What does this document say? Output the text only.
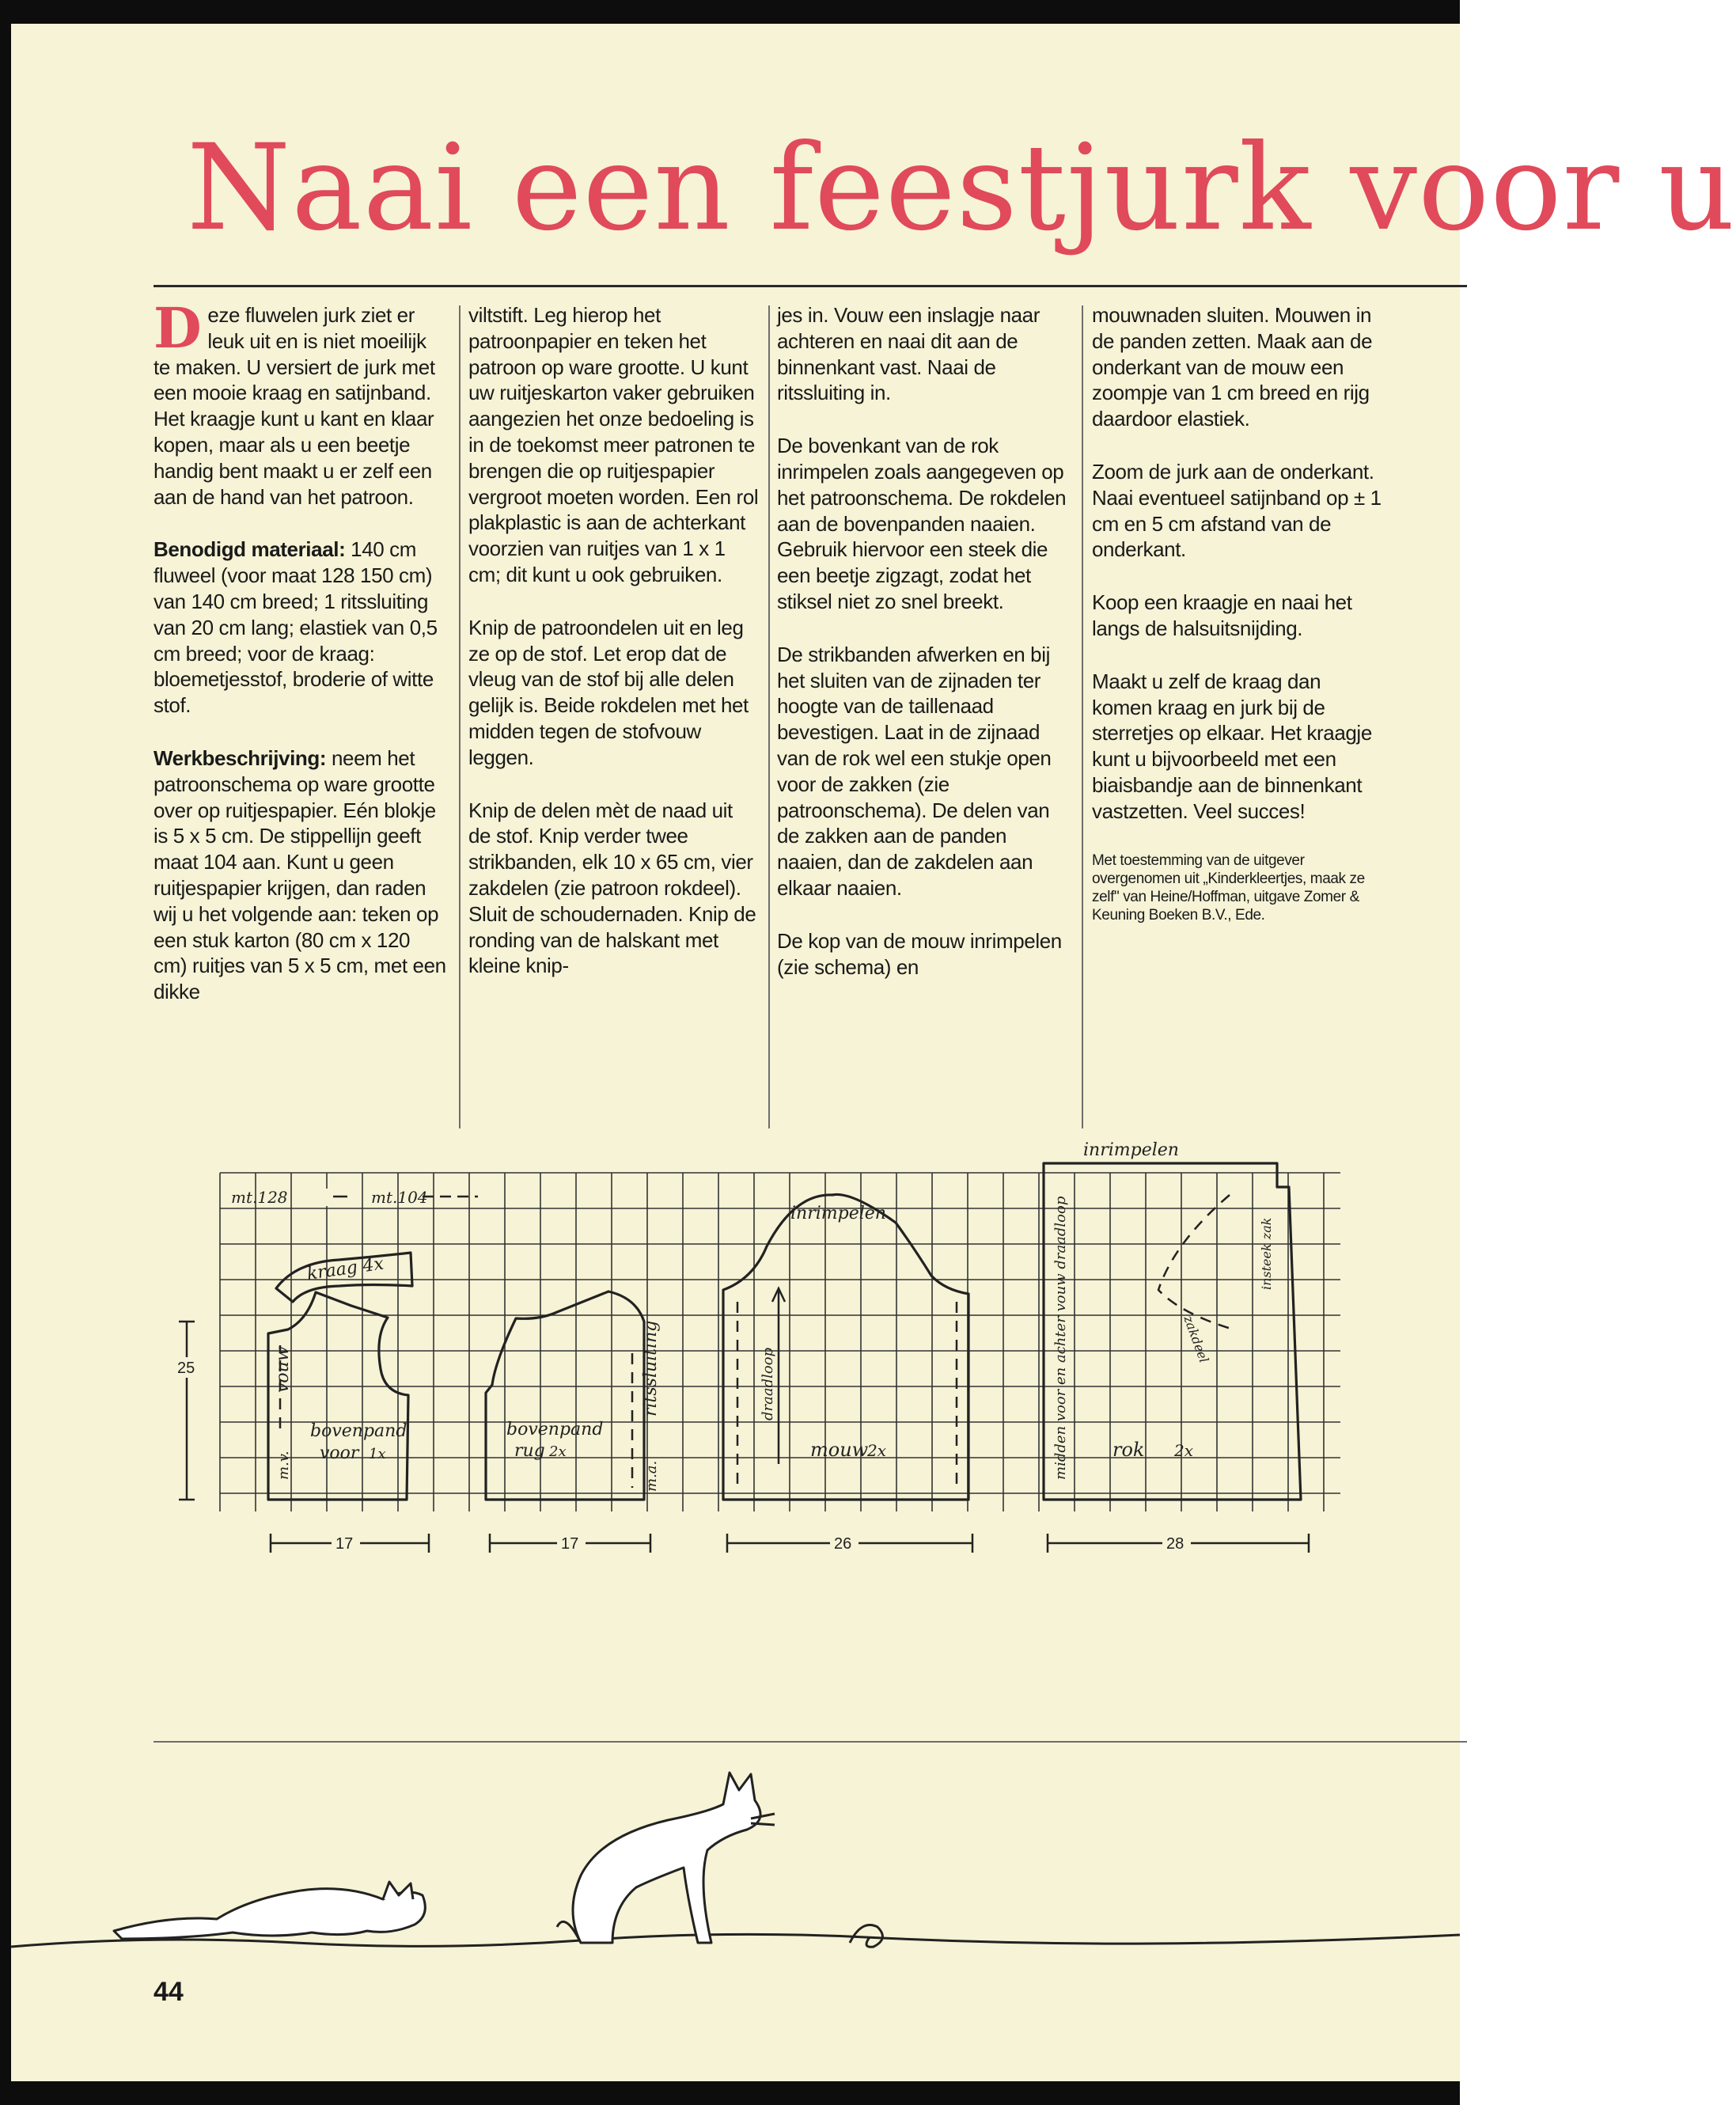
Naai een feestjurk voor u

Deze fluwelen jurk ziet er leuk uit en is niet moeilijk te maken. U versiert de jurk met een mooie kraag en satijnband. Het kraagje kunt u kant en klaar kopen, maar als u een beetje handig bent maakt u er zelf een aan de hand van het patroon.

Benodigd materiaal: 140 cm fluweel (voor maat 128 150 cm) van 140 cm breed; 1 ritssluiting van 20 cm lang; elastiek van 0,5 cm breed; voor de kraag: bloemetjesstof, broderie of witte stof.

Werkbeschrijving: neem het patroonschema op ware grootte over op ruitjespapier. Eén blokje is 5 x 5 cm. De stippellijn geeft maat 104 aan. Kunt u geen ruitjespapier krijgen, dan raden wij u het volgende aan: teken op een stuk karton (80 cm x 120 cm) ruitjes van 5 x 5 cm, met een dikke

viltstift. Leg hierop het patroonpapier en teken het patroon op ware grootte. U kunt uw ruitjeskarton vaker gebruiken aangezien het onze bedoeling is in de toekomst meer patronen te brengen die op ruitjespapier vergroot moeten worden. Een rol plakplastic is aan de achterkant voorzien van ruitjes van 1 x 1 cm; dit kunt u ook gebruiken.

Knip de patroondelen uit en leg ze op de stof. Let erop dat de vleug van de stof bij alle delen gelijk is. Beide rokdelen met het midden tegen de stofvouw leggen.

Knip de delen mèt de naad uit de stof. Knip verder twee strikbanden, elk 10 x 65 cm, vier zakdelen (zie patroon rokdeel). Sluit de schoudernaden. Knip de ronding van de halskant met kleine knip-

jes in. Vouw een inslagje naar achteren en naai dit aan de binnenkant vast. Naai de ritssluiting in.

De bovenkant van de rok inrimpelen zoals aangegeven op het patroonschema. De rokdelen aan de bovenpanden naaien. Gebruik hiervoor een steek die een beetje zigzagt, zodat het stiksel niet zo snel breekt.

De strikbanden afwerken en bij het sluiten van de zijnaden ter hoogte van de taillenaad bevestigen. Laat in de zijnaad van de rok wel een stukje open voor de zakken (zie patroonschema). De delen van de zakken aan de panden naaien, dan de zakdelen aan elkaar naaien.

De kop van de mouw inrimpelen (zie schema) en

mouwnaden sluiten. Mouwen in de panden zetten. Maak aan de onderkant van de mouw een zoompje van 1 cm breed en rijg daardoor elastiek.

Zoom de jurk aan de onderkant. Naai eventueel satijnband op ± 1 cm en 5 cm afstand van de onderkant.

Koop een kraagje en naai het langs de halsuitsnijding.

Maakt u zelf de kraag dan komen kraag en jurk bij de sterretjes op elkaar. Het kraagje kunt u bijvoorbeeld met een biaisbandje aan de binnenkant vastzetten. Veel succes!

Met toestemming van de uitgever overgenomen uit „Kinderkleertjes, maak ze zelf" van Heine/Hoffman, uitgave Zomer & Keuning Boeken B.V., Ede.

mt.128	mt.104
kraag 4x
vouw
m.v.
bovenpand
voor 1x
bovenpand
rug 2x
ritssluiting
m.a.
inrimpelen
draadloop
mouw
2x
inrimpelen
midden voor en achter vouw draadloop	insteek zak
zakdeel
rok 2x
25
17	17	26	28
44
